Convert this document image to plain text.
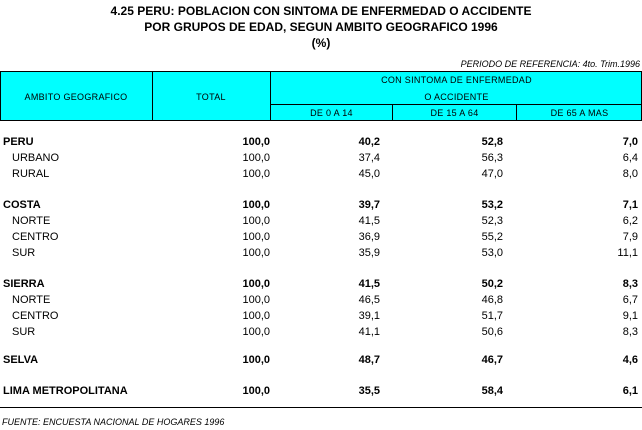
4.25 PERU: POBLACION CON SINTOMA DE ENFERMEDAD O ACCIDENTE
POR GRUPOS DE EDAD, SEGUN AMBITO GEOGRAFICO 1996
(%)
PERIODO DE REFERENCIA: 4to. Trim.1996
AMBITO GEOGRAFICO	TOTAL
CON SINTOMA DE ENFERMEDAD
O ACCIDENTE
DE 0 A 14	DE 15 A 64	DE 65 A MAS
PERU	100,0	40,2	52,8	7,0
URBANO	100,0	37,4	56,3	6,4
RURAL	100,0	45,0	47,0	8,0
COSTA	100,0	39,7	53,2	7,1
NORTE	100,0	41,5	52,3	6,2
CENTRO	100,0	36,9	55,2	7,9
SUR	100,0	35,9	53,0	11,1
SIERRA	100,0	41,5	50,2	8,3
NORTE	100,0	46,5	46,8	6,7
CENTRO	100,0	39,1	51,7	9,1
SUR	100,0	41,1	50,6	8,3
SELVA	100,0	48,7	46,7	4,6
LIMA METROPOLITANA	100,0	35,5	58,4	6,1
FUENTE: ENCUESTA NACIONAL DE HOGARES 1996
